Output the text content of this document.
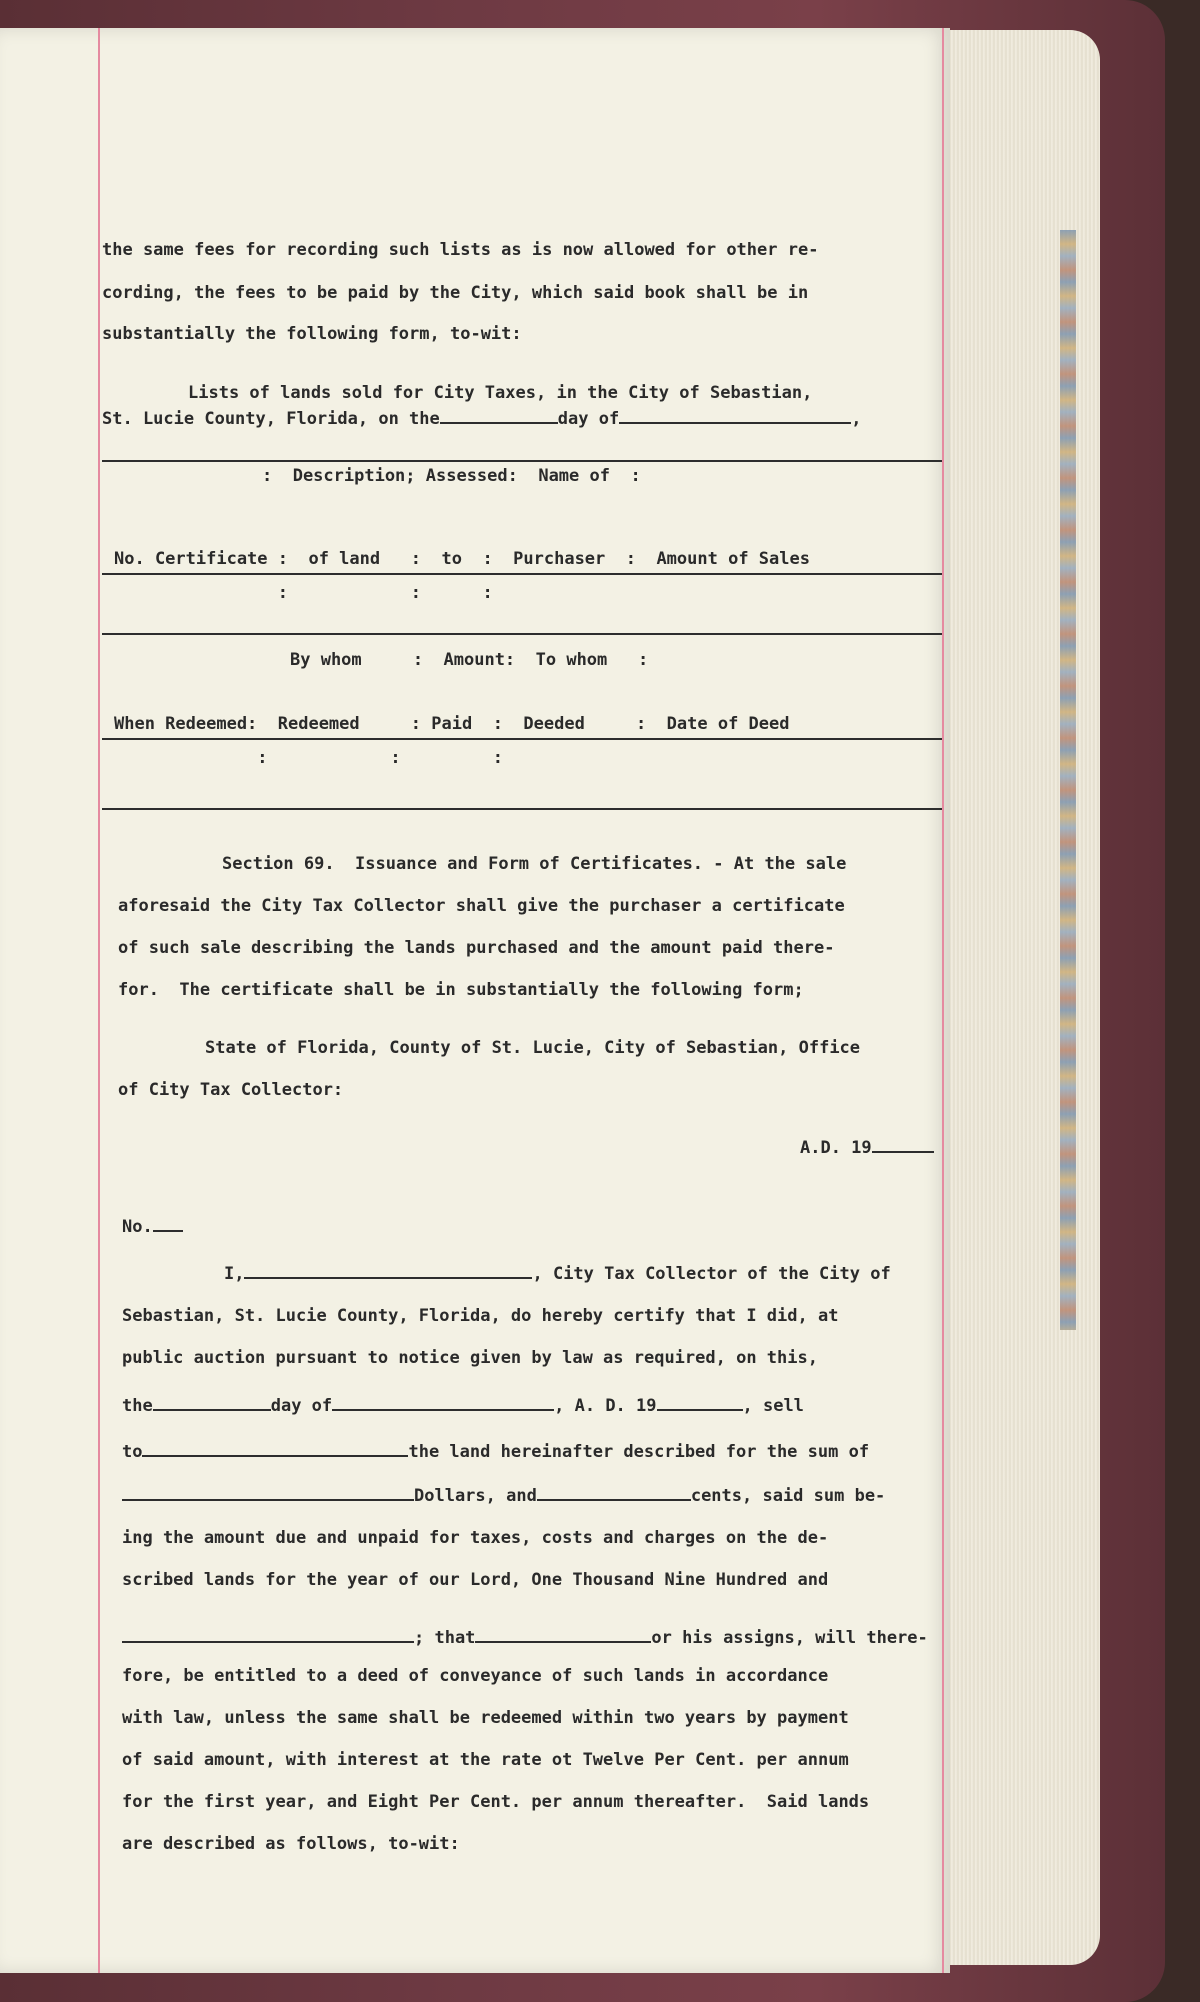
the same fees for recording such lists as is now allowed for other re-
cording, the fees to be paid by the City, which said book shall be in
substantially the following form, to-wit:
Lists of lands sold for City Taxes, in the City of Sebastian,
St. Lucie County, Florida, on the	day of	,
:  Description; Assessed:  Name of  :
No. Certificate :  of land   :  to  :  Purchaser  :  Amount of Sales
:            :      :
By whom     :  Amount:  To whom   :
When Redeemed:  Redeemed     : Paid  :  Deeded     :  Date of Deed
:            :         :
Section 69.  Issuance and Form of Certificates. - At the sale
aforesaid the City Tax Collector shall give the purchaser a certificate
of such sale describing the lands purchased and the amount paid there-
for.  The certificate shall be in substantially the following form;
State of Florida, County of St. Lucie, City of Sebastian, Office
of City Tax Collector:
A.D. 19
No.
I,	, City Tax Collector of the City of
Sebastian, St. Lucie County, Florida, do hereby certify that I did, at
public auction pursuant to notice given by law as required, on this,
the	day of	, A. D. 19	, sell
to	the land hereinafter described for the sum of
Dollars, and	cents, said sum be-
ing the amount due and unpaid for taxes, costs and charges on the de-
scribed lands for the year of our Lord, One Thousand Nine Hundred and
; that	or his assigns, will there-
fore, be entitled to a deed of conveyance of such lands in accordance
with law, unless the same shall be redeemed within two years by payment
of said amount, with interest at the rate ot Twelve Per Cent. per annum
for the first year, and Eight Per Cent. per annum thereafter.  Said lands
are described as follows, to-wit:
